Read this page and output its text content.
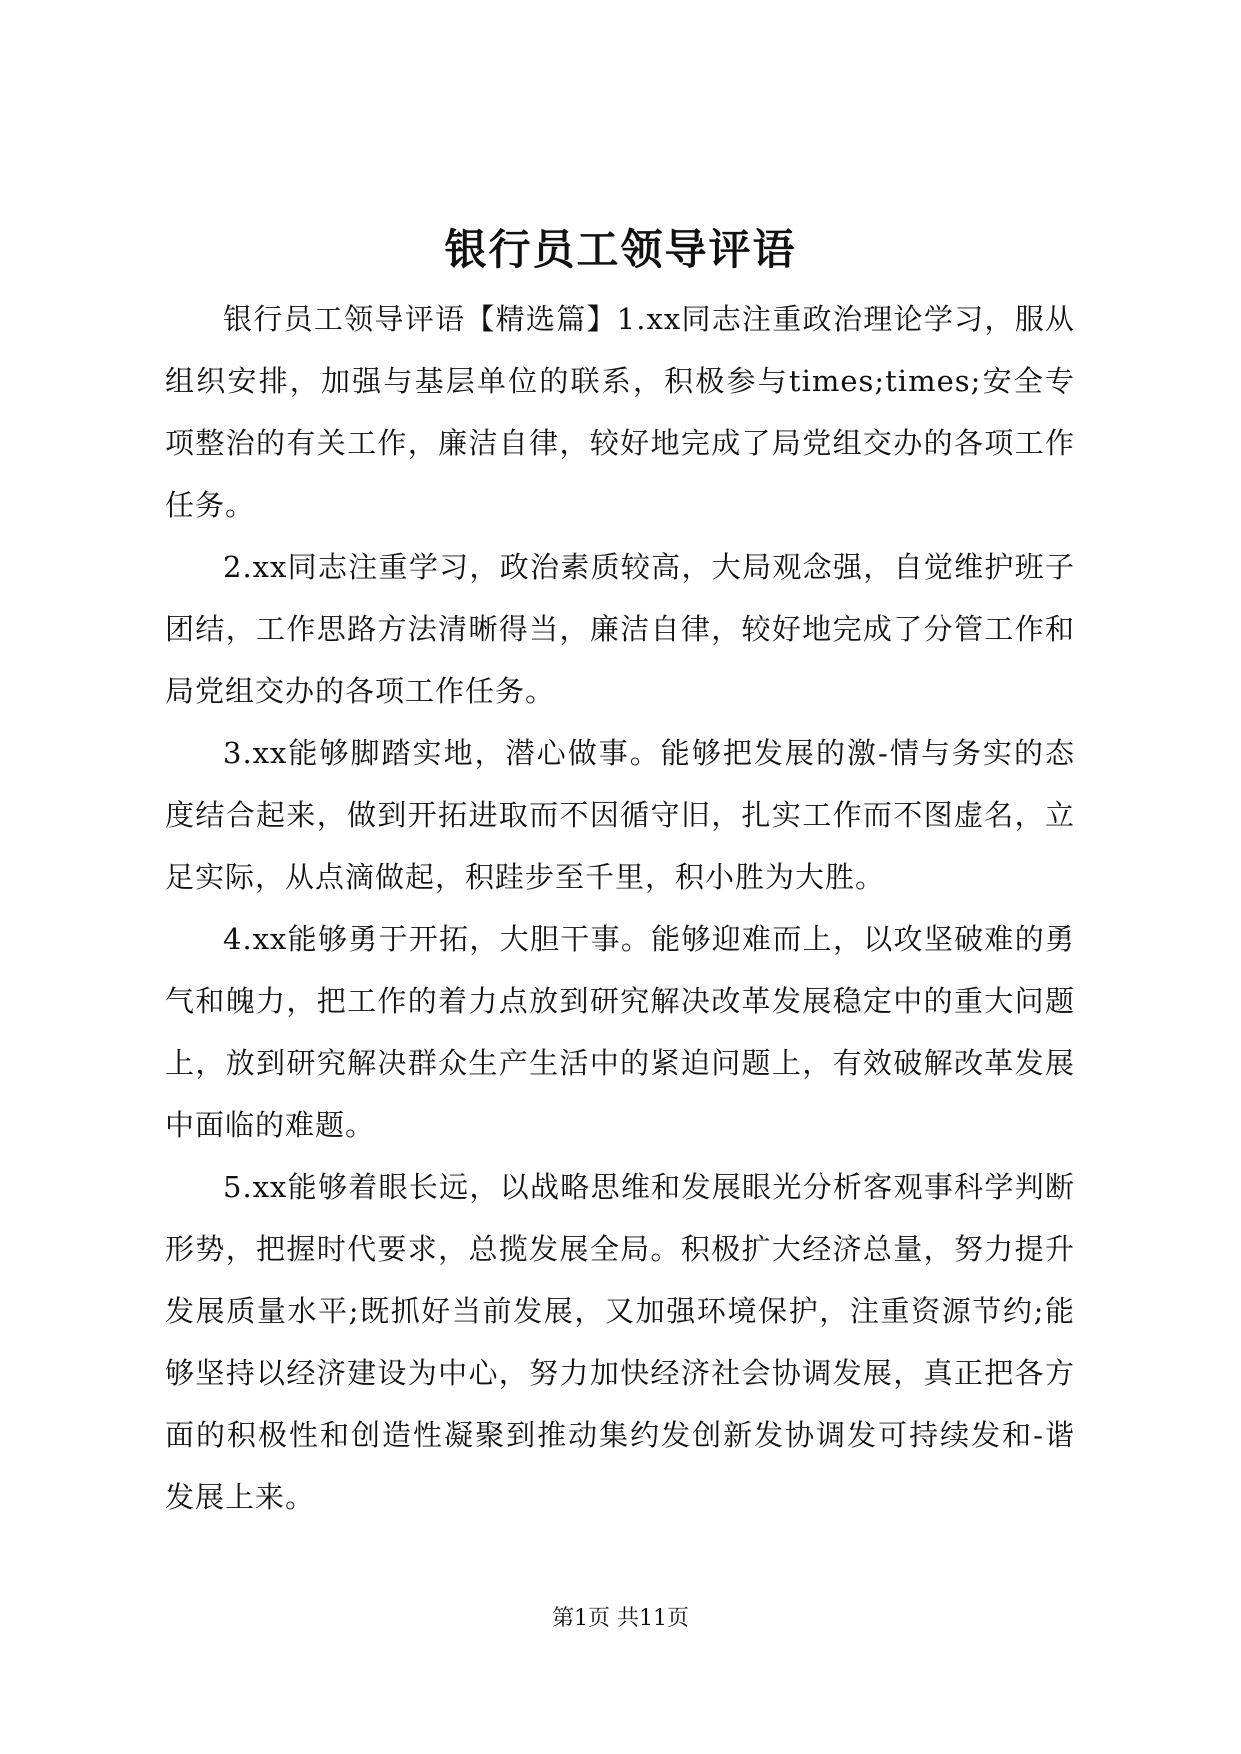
银行员工领导评语

银行员工领导评语【精选篇】1.xx同志注重政治理论学习，服从组织安排，加强与基层单位的联系，积极参与times;times;安全专项整治的有关工作，廉洁自律，较好地完成了局党组交办的各项工作任务。

2.xx同志注重学习，政治素质较高，大局观念强，自觉维护班子团结，工作思路方法清晰得当，廉洁自律，较好地完成了分管工作和局党组交办的各项工作任务。

3.xx能够脚踏实地，潜心做事。能够把发展的激-情与务实的态度结合起来，做到开拓进取而不因循守旧，扎实工作而不图虚名，立足实际，从点滴做起，积跬步至千里，积小胜为大胜。

4.xx能够勇于开拓，大胆干事。能够迎难而上，以攻坚破难的勇气和魄力，把工作的着力点放到研究解决改革发展稳定中的重大问题上，放到研究解决群众生产生活中的紧迫问题上，有效破解改革发展中面临的难题。

5.xx能够着眼长远，以战略思维和发展眼光分析客观事科学判断形势，把握时代要求，总揽发展全局。积极扩大经济总量，努力提升发展质量水平;既抓好当前发展，又加强环境保护，注重资源节约;能够坚持以经济建设为中心，努力加快经济社会协调发展，真正把各方面的积极性和创造性凝聚到推动集约发创新发协调发可持续发和-谐发展上来。

第1页 共11页
